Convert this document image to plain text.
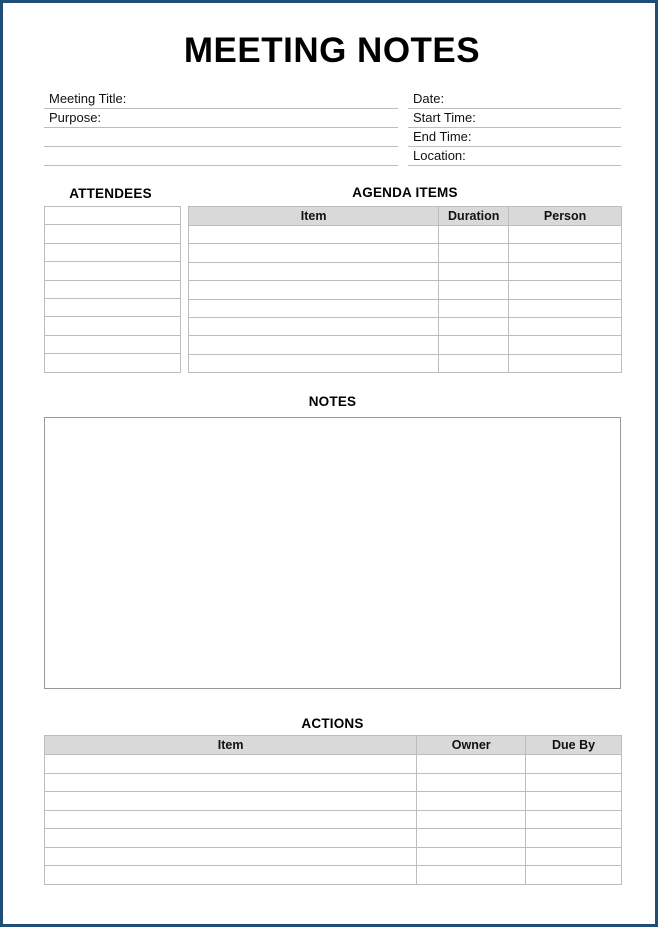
MEETING NOTES
Meeting Title:
Purpose:
Date:
Start Time:
End Time:
Location:
ATTENDEES	AGENDA ITEMS

Item	Duration	Person

NOTES
ACTIONS
Item	Owner	Due By
